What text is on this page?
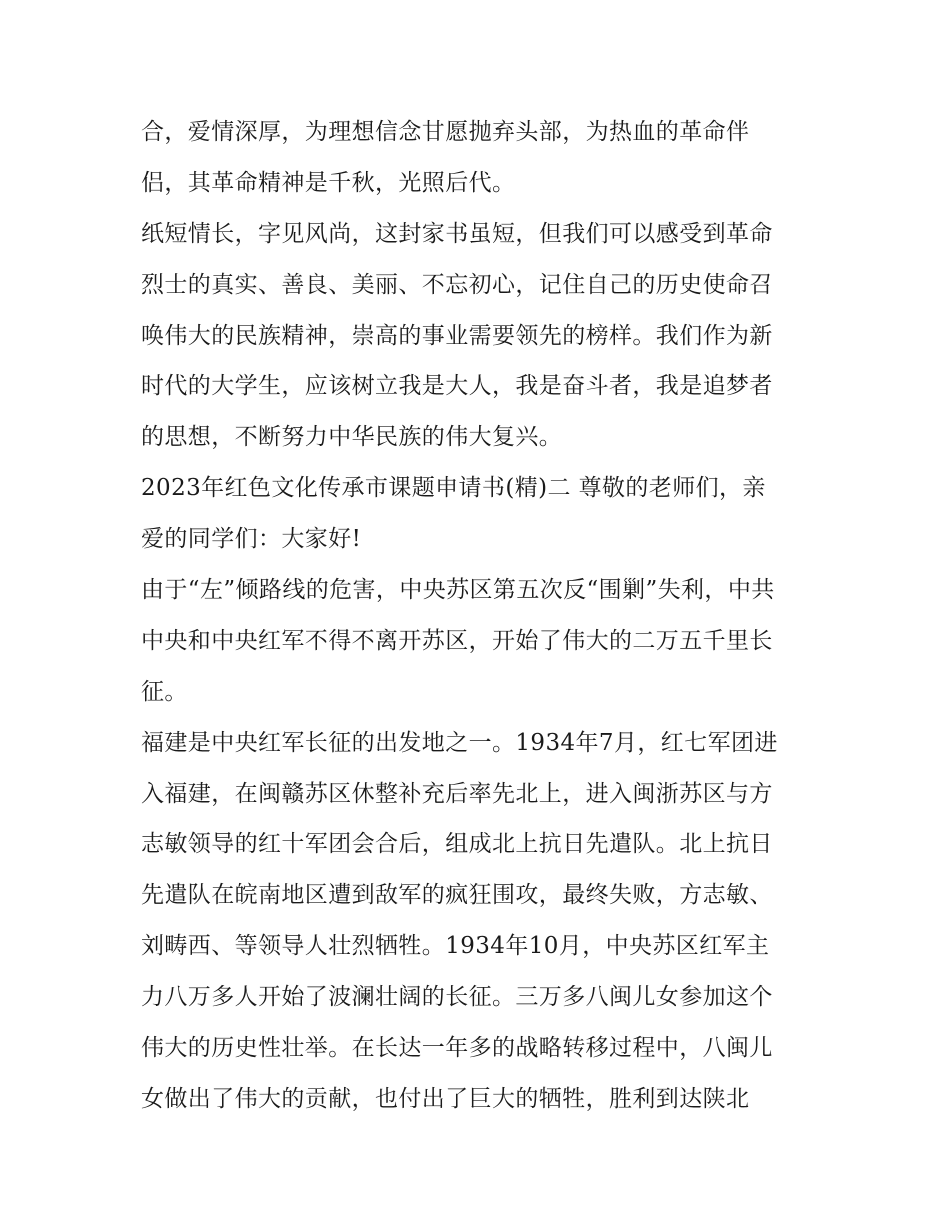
合，爱情深厚，为理想信念甘愿抛弃头部，为热血的革命伴
侣，其革命精神是千秋，光照后代。
纸短情长，字见风尚，这封家书虽短，但我们可以感受到革命
烈士的真实、善良、美丽、不忘初心，记住自己的历史使命召
唤伟大的民族精神，崇高的事业需要领先的榜样。我们作为新
时代的大学生，应该树立我是大人，我是奋斗者，我是追梦者
的思想，不断努力中华民族的伟大复兴。
2023年红色文化传承市课题申请书(精)二 尊敬的老师们，亲
爱的同学们：大家好!
由于“左”倾路线的危害，中央苏区第五次反“围剿”失利，中共
中央和中央红军不得不离开苏区，开始了伟大的二万五千里长
征。
福建是中央红军长征的出发地之一。1934年7月，红七军团进
入福建，在闽赣苏区休整补充后率先北上，进入闽浙苏区与方
志敏领导的红十军团会合后，组成北上抗日先遣队。北上抗日
先遣队在皖南地区遭到敌军的疯狂围攻，最终失败，方志敏、
刘畴西、等领导人壮烈牺牲。1934年10月，中央苏区红军主
力八万多人开始了波澜壮阔的长征。三万多八闽儿女参加这个
伟大的历史性壮举。在长达一年多的战略转移过程中，八闽儿
女做出了伟大的贡献，也付出了巨大的牺牲，胜利到达陕北
